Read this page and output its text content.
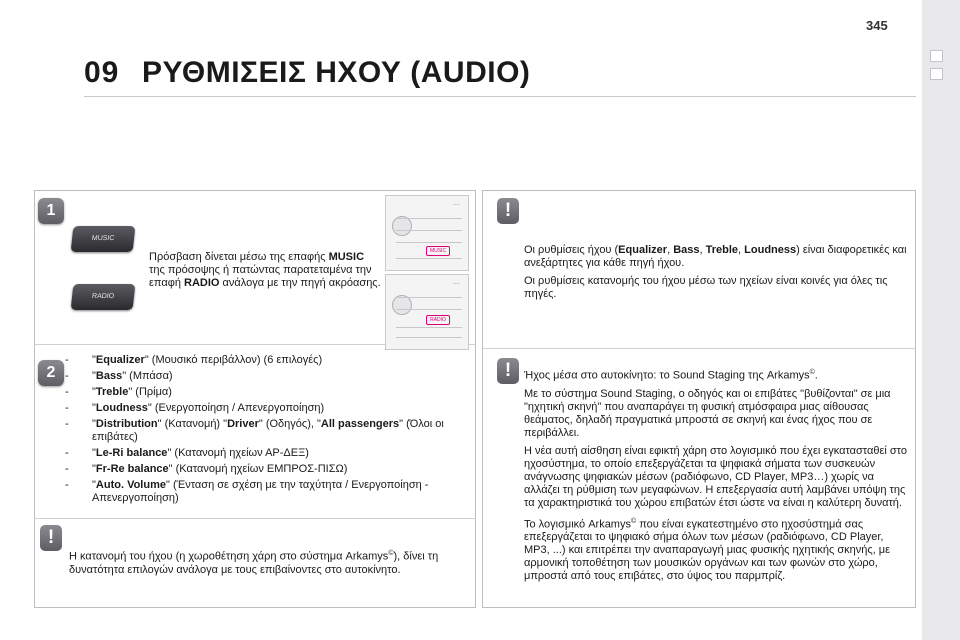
345
09 ΡΥΘΜΙΣΕΙΣ ΗΧΟΥ (AUDIO)
1
MUSIC
RADIO
Πρόσβαση δίνεται μέσω της επαφής MUSIC της πρόσοψης ή πατώντας παρατεταμένα την επαφή RADIO ανάλογα με την πηγή ακρόασης.
◦◦◦◦
MUSIC
◦◦◦◦
RADIO
2
- "Equalizer" (Μουσικό περιβάλλον) (6 επιλογές)
- "Bass" (Μπάσα)
- "Treble" (Πρίμα)
- "Loudness" (Ενεργοποίηση / Απενεργοποίηση)
- "Distribution" (Κατανομή) "Driver" (Οδηγός), "All passengers" (Όλοι οι επιβάτες)
- "Le-Ri balance" (Κατανομή ηχείων ΑΡ-ΔΕΞ)
- "Fr-Re balance" (Κατανομή ηχείων ΕΜΠΡΟΣ-ΠΙΣΩ)
- "Auto. Volume" (Ένταση σε σχέση με την ταχύτητα / Ενεργοποίηση - Απενεργοποίηση)
!
Η κατανομή του ήχου (η χωροθέτηση χάρη στο σύστημα Arkamys©), δίνει τη δυνατότητα επιλογών ανάλογα με τους επιβαίνοντες στο αυτοκίνητο.
!

Οι ρυθμίσεις ήχου (Equalizer, Bass, Treble, Loudness) είναι διαφορετικές και ανεξάρτητες για κάθε πηγή ήχου.

Οι ρυθμίσεις κατανομής του ήχου μέσω των ηχείων είναι κοινές για όλες τις πηγές.

!	Ήχος μέσα στο αυτοκίνητο: το Sound Staging της Arkamys©.

Με το σύστημα Sound Staging, ο οδηγός και οι επιβάτες "βυθίζονται" σε μια "ηχητική σκηνή" που αναπαράγει τη φυσική ατμόσφαιρα μιας αίθουσας θεάματος, δηλαδή πραγματικά μπροστά σε σκηνή και ένας ήχος που σε περιβάλλει.

Η νέα αυτή αίσθηση είναι εφικτή χάρη στο λογισμικό που έχει εγκατασταθεί στο ηχοσύστημα, το οποίο επεξεργάζεται τα ψηφιακά σήματα των συσκευών ανάγνωσης ψηφιακών μέσων (ραδιόφωνο, CD Player, MP3…) χωρίς να αλλάζει τη ρύθμιση των μεγαφώνων. Η επεξεργασία αυτή λαμβάνει υπόψη της τα χαρακτηριστικά του χώρου επιβατών έτσι ώστε να είναι η καλύτερη δυνατή.

Το λογισμικό Arkamys© που είναι εγκατεστημένο στο ηχοσύστημά σας επεξεργάζεται το ψηφιακό σήμα όλων των μέσων (ραδιόφωνο, CD Player, MP3, ...) και επιτρέπει την αναπαραγωγή μιας φυσικής ηχητικής σκηνής, με αρμονική τοποθέτηση των μουσικών οργάνων και των φωνών στο χώρο, μπροστά από τους επιβάτες, στο ύψος του παρμπρίζ.
